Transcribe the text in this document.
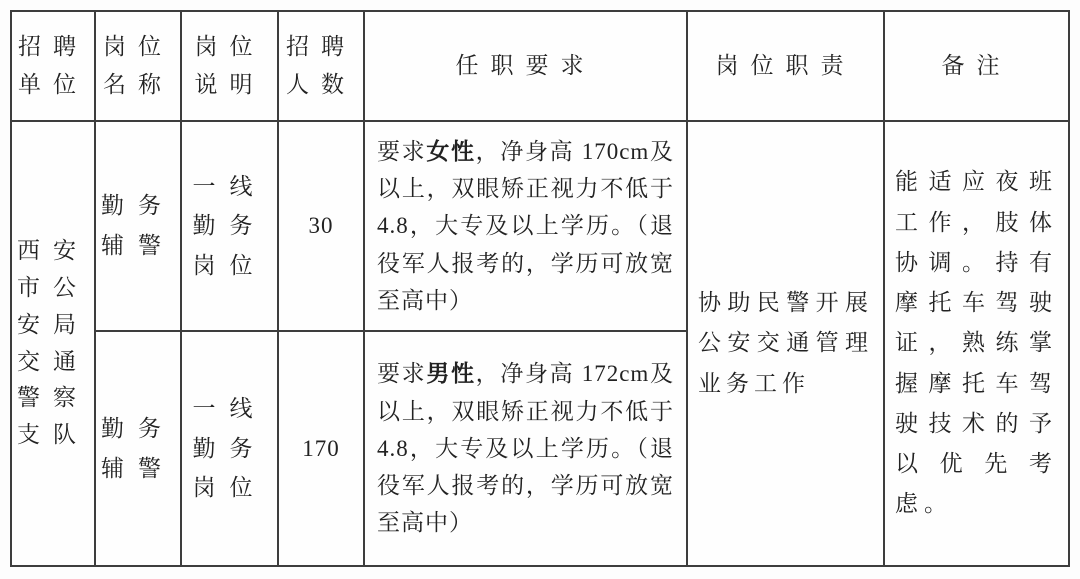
招聘单位	岗位名称	岗位说明	招聘人数	任职要求	岗位职责	备注
西安市公安局交通警察支队	勤务辅警	一线勤务岗位	30	要求女性，净身高 170cm及以上，双眼矫正视力不低于 4.8，大专及以上学历。（退役军人报考的，学历可放宽至高中）	协助民警开展公安交通管理业务工作	能适应夜班工作，肢体协调。持有摩托车驾驶证，熟练掌握摩托车驾驶技术的予以优先考虑。
	勤务辅警	一线勤务岗位	170	要求男性，净身高 172cm及以上，双眼矫正视力不低于 4.8，大专及以上学历。（退役军人报考的，学历可放宽至高中）		
